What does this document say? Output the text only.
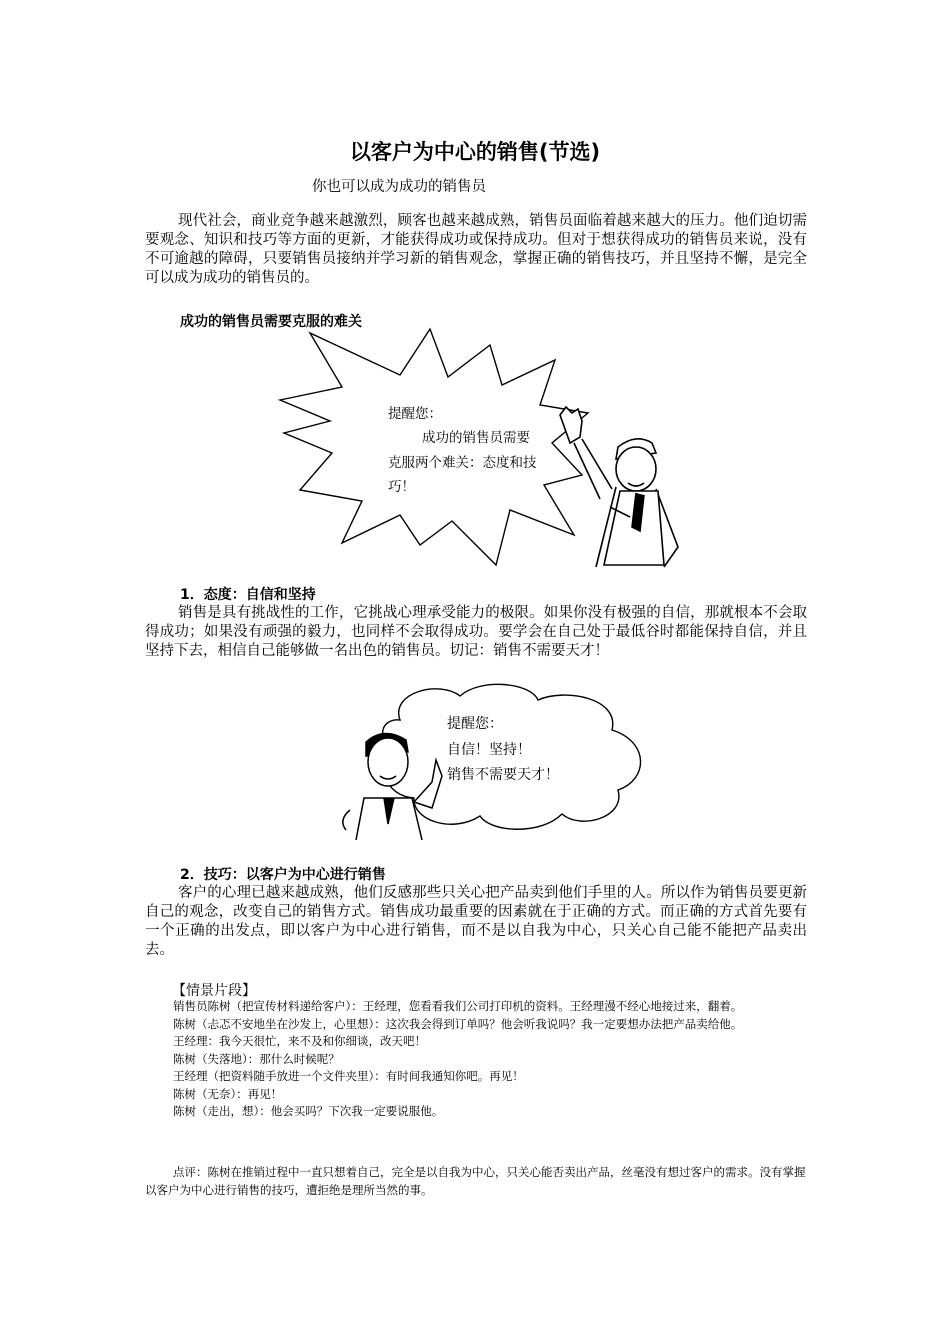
以客户为中心的销售(节选)
你也可以成为成功的销售员

现代社会，商业竞争越来越激烈，顾客也越来越成熟，销售员面临着越来越大的压力。他们迫切需要观念、知识和技巧等方面的更新，才能获得成功或保持成功。但对于想获得成功的销售员来说，没有不可逾越的障碍，只要销售员接纳并学习新的销售观念，掌握正确的销售技巧，并且坚持不懈，是完全可以成为成功的销售员的。

成功的销售员需要克服的难关
提醒您：
成功的销售员需要
克服两个难关：态度和技
巧！
1．态度：自信和坚持

销售是具有挑战性的工作，它挑战心理承受能力的极限。如果你没有极强的自信，那就根本不会取得成功；如果没有顽强的毅力，也同样不会取得成功。要学会在自己处于最低谷时都能保持自信，并且坚持下去，相信自己能够做一名出色的销售员。切记：销售不需要天才！

提醒您：
自信！坚持！
销售不需要天才！
2．技巧：以客户为中心进行销售

客户的心理已越来越成熟，他们反感那些只关心把产品卖到他们手里的人。所以作为销售员要更新自己的观念，改变自己的销售方式。销售成功最重要的因素就在于正确的方式。而正确的方式首先要有一个正确的出发点，即以客户为中心进行销售，而不是以自我为中心，只关心自己能不能把产品卖出去。

【情景片段】
销售员陈树（把宣传材料递给客户）：王经理，您看看我们公司打印机的资料。王经理漫不经心地接过来，翻着。
陈树（忐忑不安地坐在沙发上，心里想）：这次我会得到订单吗？他会听我说吗？我一定要想办法把产品卖给他。
王经理：我今天很忙，来不及和你细谈，改天吧！
陈树（失落地）：那什么时候呢？
王经理（把资料随手放进一个文件夹里）：有时间我通知你吧。再见！
陈树（无奈）：再见！
陈树（走出，想）：他会买吗？下次我一定要说服他。
点评：陈树在推销过程中一直只想着自己，完全是以自我为中心，只关心能否卖出产品，丝毫没有想过客户的需求。没有掌握以客户为中心进行销售的技巧，遭拒绝是理所当然的事。
